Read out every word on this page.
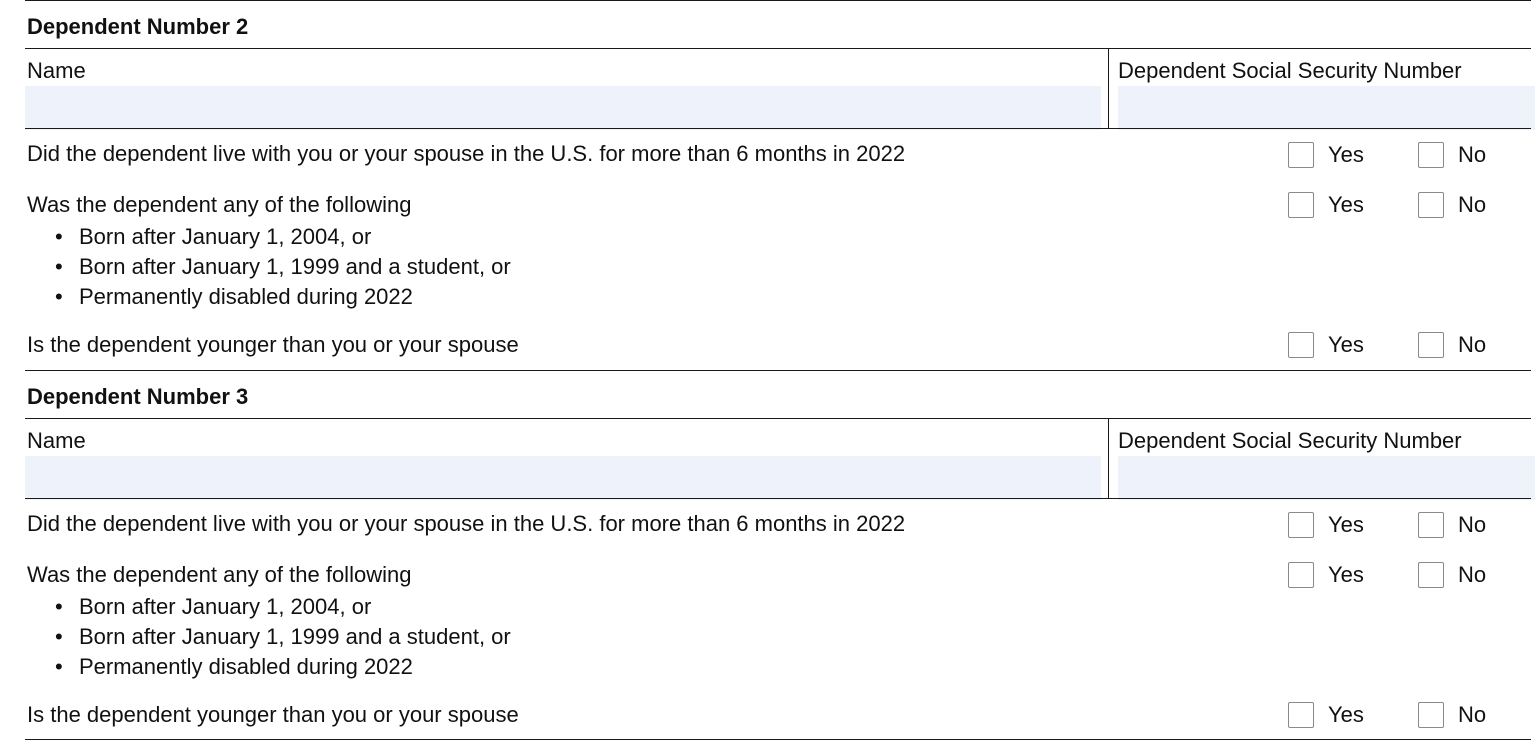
Dependent Number 2
Name	Dependent Social Security Number
Did the dependent live with you or your spouse in the U.S. for more than 6 months in 2022	Yes	No
Was the dependent any of the following
• Born after January 1, 2004, or
• Born after January 1, 1999 and a student, or
• Permanently disabled during 2022
Yes	No
Is the dependent younger than you or your spouse	Yes	No
Dependent Number 3
Name	Dependent Social Security Number
Did the dependent live with you or your spouse in the U.S. for more than 6 months in 2022	Yes	No
Was the dependent any of the following
• Born after January 1, 2004, or
• Born after January 1, 1999 and a student, or
• Permanently disabled during 2022
Yes	No
Is the dependent younger than you or your spouse	Yes	No
